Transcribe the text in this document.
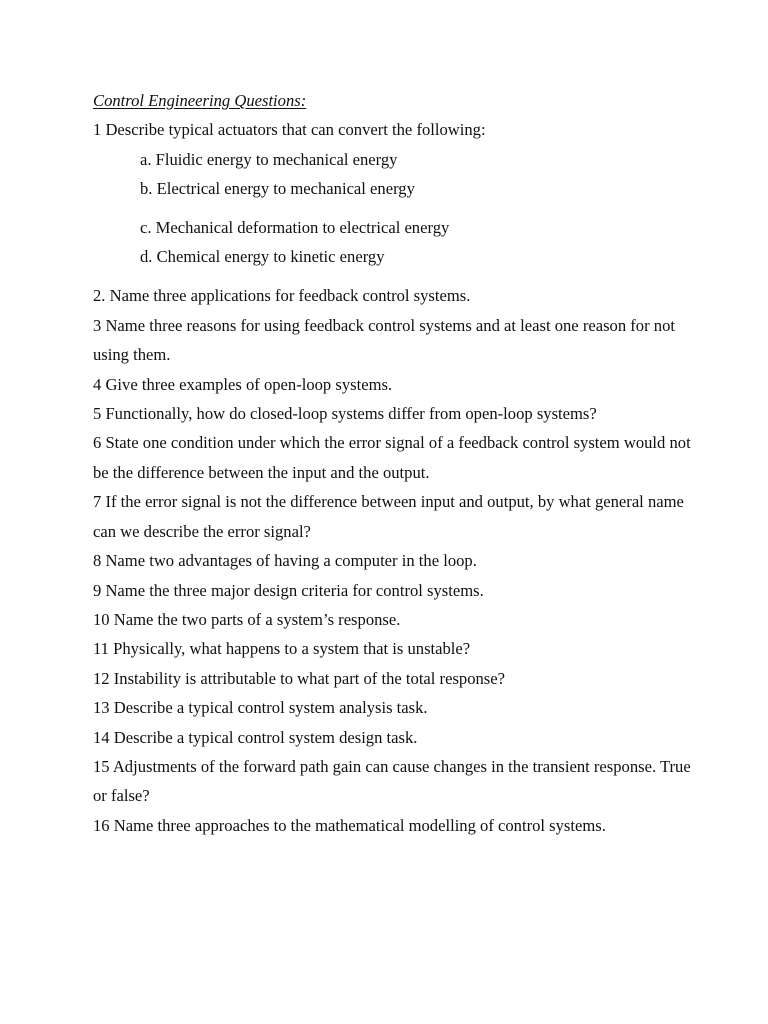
Control Engineering Questions:

1 Describe typical actuators that can convert the following:

a. Fluidic energy to mechanical energy

b. Electrical energy to mechanical energy

c. Mechanical deformation to electrical energy

d. Chemical energy to kinetic energy

2. Name three applications for feedback control systems.

3 Name three reasons for using feedback control systems and at least one reason for not using them.

4 Give three examples of open-loop systems.

5 Functionally, how do closed-loop systems differ from open-loop systems?

6 State one condition under which the error signal of a feedback control system would not be the difference between the input and the output.

7 If the error signal is not the difference between input and output, by what general name can we describe the error signal?

8 Name two advantages of having a computer in the loop.

9 Name the three major design criteria for control systems.

10 Name the two parts of a system’s response.

11 Physically, what happens to a system that is unstable?

12 Instability is attributable to what part of the total response?

13 Describe a typical control system analysis task.

14 Describe a typical control system design task.

15 Adjustments of the forward path gain can cause changes in the transient response. True or false?

16 Name three approaches to the mathematical modelling of control systems.
